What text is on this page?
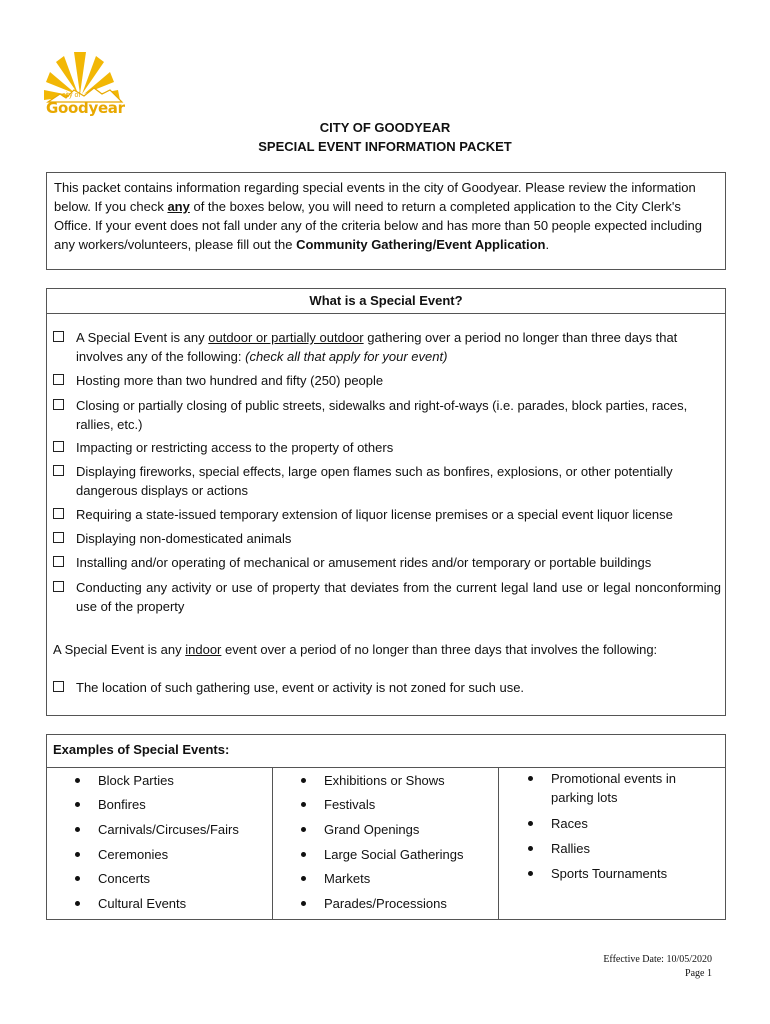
city of
Goodyear
CITY OF GOODYEAR
SPECIAL EVENT INFORMATION PACKET
This packet contains information regarding special events in the city of Goodyear. Please review the information below. If you check any of the boxes below, you will need to return a completed application to the City Clerk's Office. If your event does not fall under any of the criteria below and has more than 50 people expected including any workers/volunteers, please fill out the Community Gathering/Event Application.
What is a Special Event?
A Special Event is any outdoor or partially outdoor gathering over a period no longer than three days that involves any of the following: (check all that apply for your event)
Hosting more than two hundred and fifty (250) people
Closing or partially closing of public streets, sidewalks and right-of-ways (i.e. parades, block parties, races, rallies, etc.)
Impacting or restricting access to the property of others
Displaying fireworks, special effects, large open flames such as bonfires, explosions, or other potentially dangerous displays or actions
Requiring a state-issued temporary extension of liquor license premises or a special event liquor license
Displaying non-domesticated animals
Installing and/or operating of mechanical or amusement rides and/or temporary or portable buildings
Conducting any activity or use of property that deviates from the current legal land use or legal nonconforming use of the property
A Special Event is any indoor event over a period of no longer than three days that involves the following:
The location of such gathering use, event or activity is not zoned for such use.
Examples of Special Events:
Block Parties
Bonfires
Carnivals/Circuses/Fairs
Ceremonies
Concerts
Cultural Events
Exhibitions or Shows
Festivals
Grand Openings
Large Social Gatherings
Markets
Parades/Processions
Promotional events in parking lots
Races
Rallies
Sports Tournaments
Effective Date: 10/05/2020
Page 1
